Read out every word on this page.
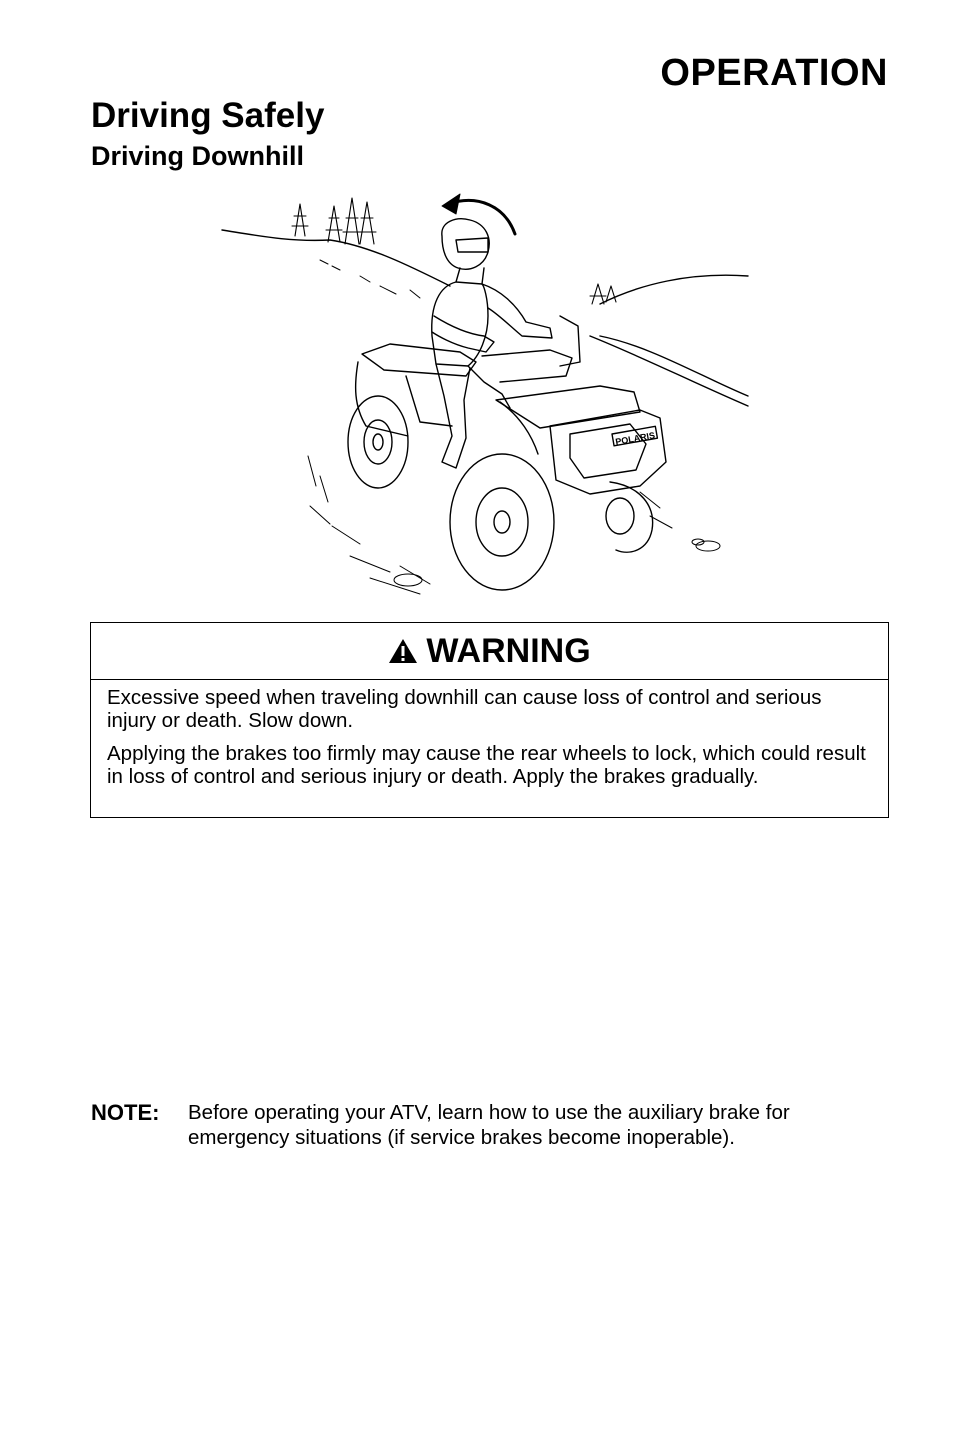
OPERATION
Driving Safely
Driving Downhill
POLARIS
WARNING

Excessive speed when traveling downhill can cause loss of control and serious injury or death. Slow down.

Applying the brakes too firmly may cause the rear wheels to lock, which could result in loss of control and serious injury or death. Apply the brakes gradually.

NOTE:	Before operating your ATV, learn how to use the auxiliary brake for emergency situations (if service brakes become inoperable).
